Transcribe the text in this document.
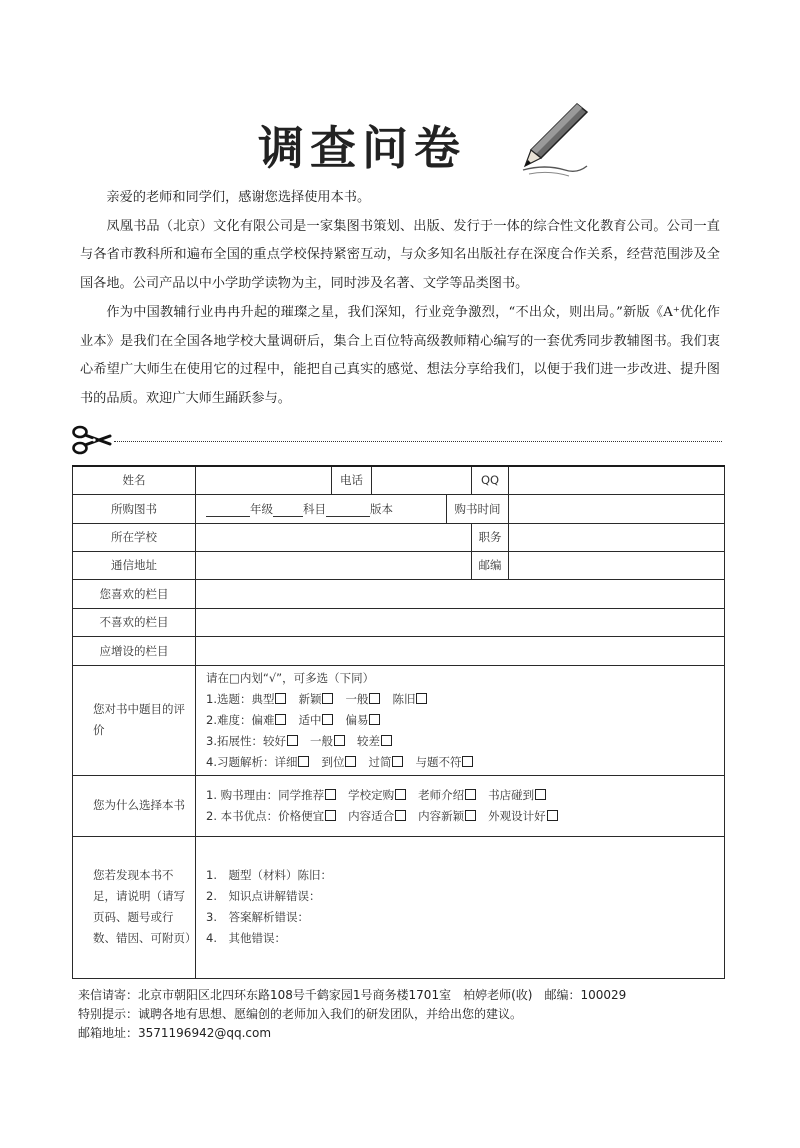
调查问卷

亲爱的老师和同学们，感谢您选择使用本书。

凤凰书品（北京）文化有限公司是一家集图书策划、出版、发行于一体的综合性文化教育公司。公司一直与各省市教科所和遍布全国的重点学校保持紧密互动，与众多知名出版社存在深度合作关系，经营范围涉及全国各地。公司产品以中小学助学读物为主，同时涉及名著、文学等品类图书。

作为中国教辅行业冉冉升起的璀璨之星，我们深知，行业竞争激烈，“不出众，则出局。”新版《A⁺优化作业本》是我们在全国各地学校大量调研后，集合上百位特高级教师精心编写的一套优秀同步教辅图书。我们衷心希望广大师生在使用它的过程中，能把自己真实的感觉、想法分享给我们，以便于我们进一步改进、提升图书的品质。欢迎广大师生踊跃参与。

姓名		电话			QQ	
所购图书	年级 科目 版本			购书时间		
所在学校					职务	
通信地址					邮编	
您喜欢的栏目						
不喜欢的栏目						
应增设的栏目						
您对书中题目的评价	请在□内划“√”，可多选（下同）
1.选题：典型 新颖 一般 陈旧
2.难度：偏难 适中 偏易
3.拓展性：较好 一般 较差
4.习题解析：详细 到位 过简 与题不符					

您为什么选择本书	1. 购书理由：同学推荐 学校定购 老师介绍 书店碰到
2. 本书优点：价格便宜 内容适合 内容新颖 外观设计好					

您若发现本书不足，请说明（请写页码、题号或行数、错因、可附页）	1.　题型（材料）陈旧：
2.　知识点讲解错误：
3.　答案解析错误：
4.　其他错误：					
来信请寄：北京市朝阳区北四环东路108号千鹤家园1号商务楼1701室　柏婷老师(收)　邮编：100029
特别提示：诚聘各地有思想、愿编创的老师加入我们的研发团队，并给出您的建议。
邮箱地址：3571196942@qq.com
